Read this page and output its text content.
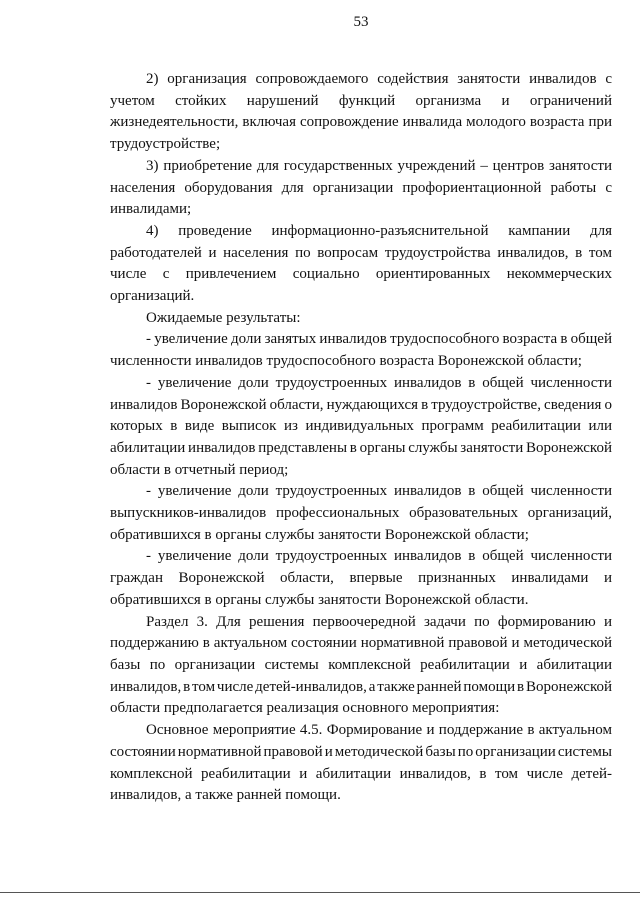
53
2) организация сопровождаемого содействия занятости инвалидов с
учетом стойких нарушений функций организма и ограничений
жизнедеятельности, включая сопровождение инвалида молодого возраста при
трудоустройстве;
3) приобретение для государственных учреждений – центров занятости
населения оборудования для организации профориентационной работы с
инвалидами;
4) проведение информационно-разъяснительной кампании для
работодателей и населения по вопросам трудоустройства инвалидов, в том
числе с привлечением социально ориентированных некоммерческих
организаций.
Ожидаемые результаты:
- увеличение доли занятых инвалидов трудоспособного возраста в общей
численности инвалидов трудоспособного возраста Воронежской области;
- увеличение доли трудоустроенных инвалидов в общей численности
инвалидов Воронежской области, нуждающихся в трудоустройстве, сведения о
которых в виде выписок из индивидуальных программ реабилитации или
абилитации инвалидов представлены в органы службы занятости Воронежской
области в отчетный период;
- увеличение доли трудоустроенных инвалидов в общей численности
выпускников-инвалидов профессиональных образовательных организаций,
обратившихся в органы службы занятости Воронежской области;
- увеличение доли трудоустроенных инвалидов в общей численности
граждан Воронежской области, впервые признанных инвалидами и
обратившихся в органы службы занятости Воронежской области.
Раздел 3. Для решения первоочередной задачи по формированию и
поддержанию в актуальном состоянии нормативной правовой и методической
базы по организации системы комплексной реабилитации и абилитации
инвалидов, в том числе детей-инвалидов, а также ранней помощи в Воронежской
области предполагается реализация основного мероприятия:
Основное мероприятие 4.5. Формирование и поддержание в актуальном
состоянии нормативной правовой и методической базы по организации системы
комплексной реабилитации и абилитации инвалидов, в том числе детей-
инвалидов, а также ранней помощи.
